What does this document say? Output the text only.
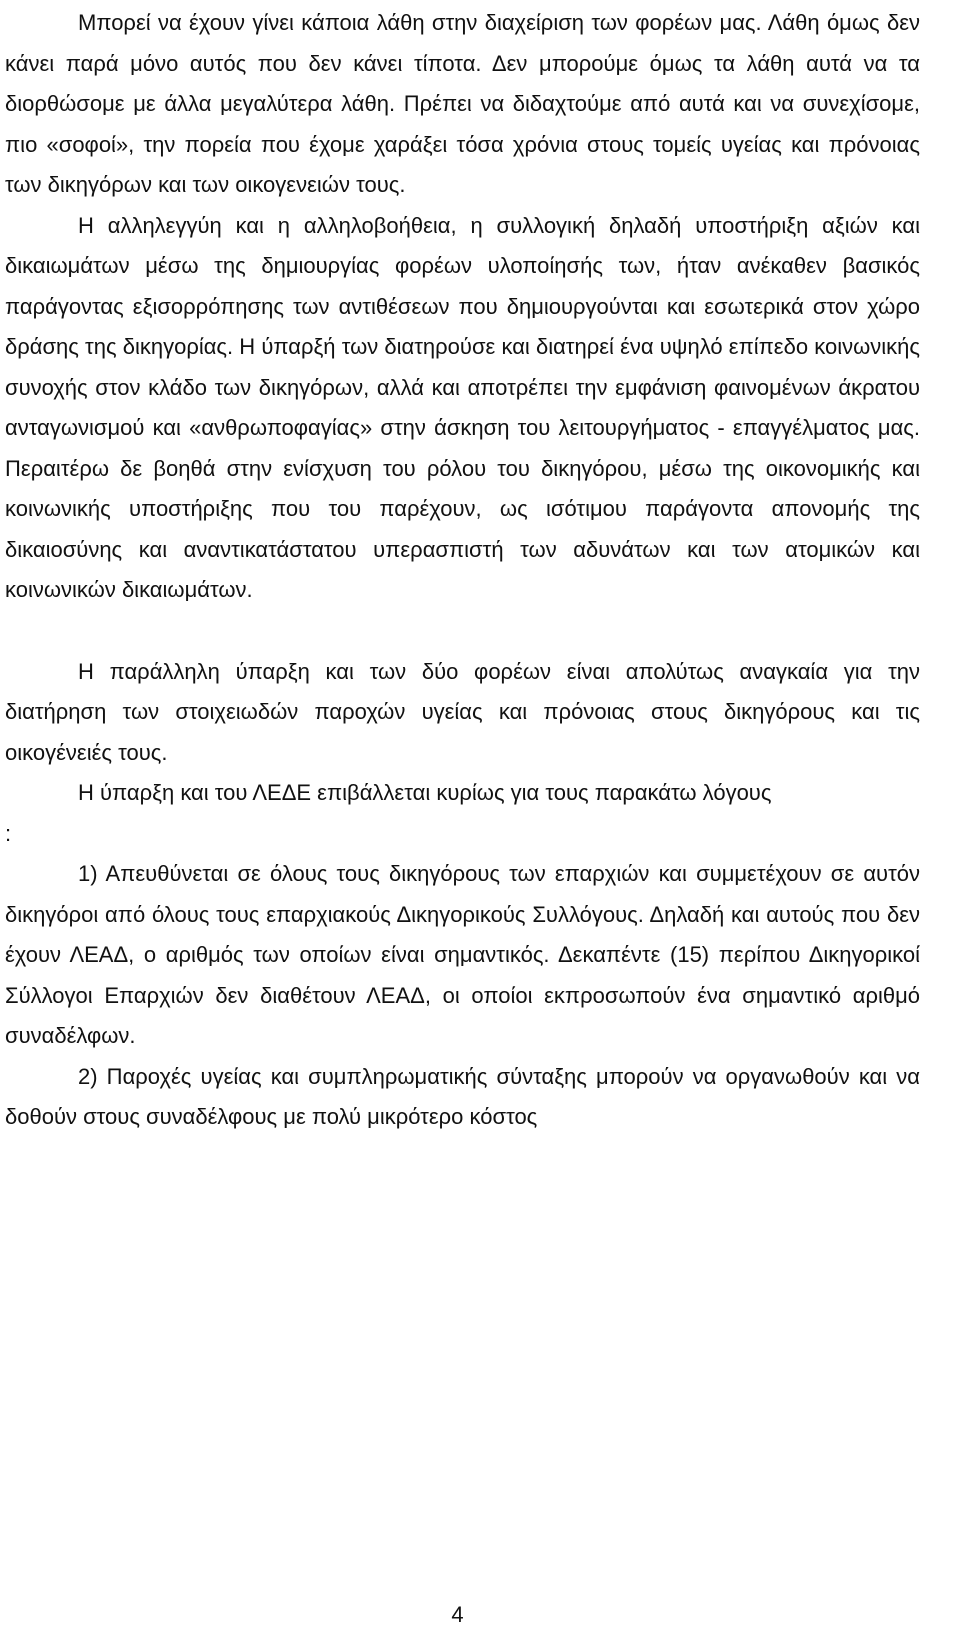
Μπορεί να έχουν γίνει κάποια λάθη στην διαχείριση των φορέων μας. Λάθη όμως δεν κάνει παρά μόνο αυτός που δεν κάνει τίποτα. Δεν μπορούμε όμως τα λάθη αυτά να τα διορθώσομε με άλλα μεγαλύτερα λάθη. Πρέπει να διδαχτούμε από αυτά και να συνεχίσομε, πιο «σοφοί», την πορεία που έχομε χαράξει τόσα χρόνια στους τομείς υγείας και πρόνοιας των δικηγόρων και των οικογενειών τους.

Η αλληλεγγύη και η αλληλοβοήθεια, η συλλογική δηλαδή υποστήριξη αξιών και δικαιωμάτων μέσω της δημιουργίας φορέων υλοποίησής των, ήταν ανέκαθεν βασικός παράγοντας εξισορρόπησης των αντιθέσεων που δημιουργούνται και εσωτερικά στον χώρο δράσης της δικηγορίας. Η ύπαρξή των διατηρούσε και διατηρεί ένα υψηλό επίπεδο κοινωνικής συνοχής στον κλάδο των δικηγόρων, αλλά και αποτρέπει την εμφάνιση φαινομένων άκρατου ανταγωνισμού και «ανθρωποφαγίας» στην άσκηση του λειτουργήματος - επαγγέλματος μας. Περαιτέρω δε βοηθά στην ενίσχυση του ρόλου του δικηγόρου, μέσω της οικονομικής και κοινωνικής υποστήριξης που του παρέχουν, ως ισότιμου παράγοντα απονομής της δικαιοσύνης και αναντικατάστατου υπερασπιστή των αδυνάτων και των ατομικών και κοινωνικών δικαιωμάτων.

Η παράλληλη ύπαρξη και των δύο φορέων είναι απολύτως αναγκαία για την διατήρηση των στοιχειωδών παροχών υγείας και πρόνοιας στους δικηγόρους και τις οικογένειές τους.

Η ύπαρξη και του ΛΕΔΕ επιβάλλεται κυρίως για τους παρακάτω λόγους

:

1) Απευθύνεται σε όλους τους δικηγόρους των επαρχιών και συμμετέχουν σε αυτόν δικηγόροι από όλους τους επαρχιακούς Δικηγορικούς Συλλόγους. Δηλαδή και αυτούς που δεν έχουν ΛΕΑΔ, ο αριθμός των οποίων είναι σημαντικός. Δεκαπέντε (15) περίπου Δικηγορικοί Σύλλογοι Επαρχιών δεν διαθέτουν ΛΕΑΔ, οι οποίοι εκπροσωπούν ένα σημαντικό αριθμό συναδέλφων.

2) Παροχές υγείας και συμπληρωματικής σύνταξης μπορούν να οργανωθούν και να δοθούν στους συναδέλφους με πολύ μικρότερο κόστος

4
